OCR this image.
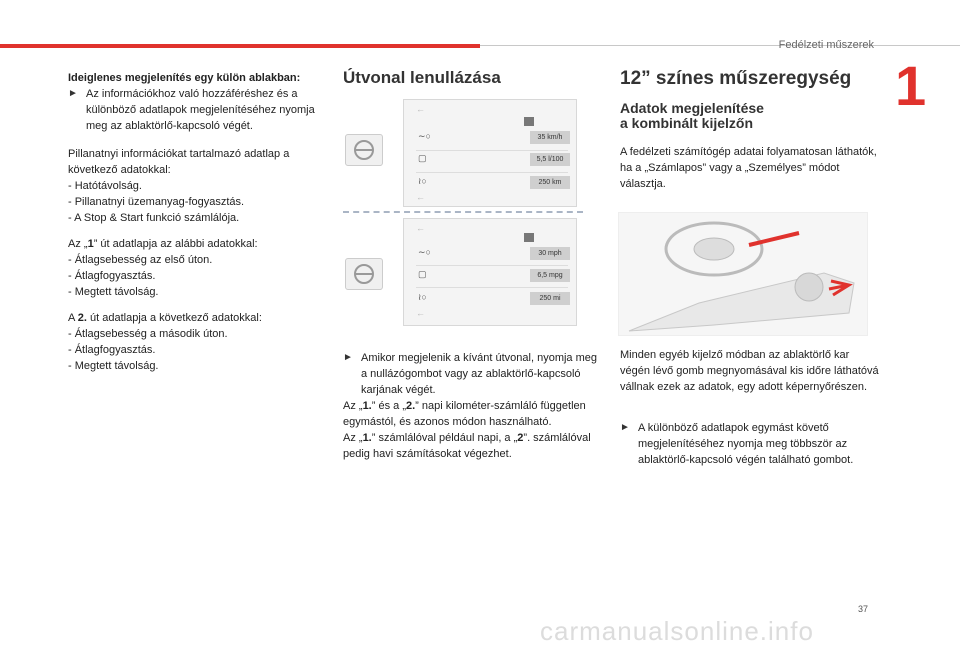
Fedélzeti műszerek
1

Ideiglenes megjelenítés egy külön ablakban:

► Az információkhoz való hozzáféréshez és a különböző adatlapok megjelenítéséhez nyomja meg az ablaktörlő-kapcsoló végét.

Pillanatnyi információkat tartalmazó adatlap a következő adatokkal:

- Hatótávolság.

- Pillanatnyi üzemanyag-fogyasztás.

- A Stop & Start funkció számlálója.

Az „1” út adatlapja az alábbi adatokkal:

- Átlagsebesség az első úton.

- Átlagfogyasztás.

- Megtett távolság.

A 2. út adatlapja a következő adatokkal:

- Átlagsebesség a második úton.

- Átlagfogyasztás.

- Megtett távolság.

Útvonal lenullázása
←
∼○	35 km/h
▢	5,5 l/100
≀○	250 km
←
←
∼○	30 mph
▢	6,5 mpg
≀○	250 mi
←

► Amikor megjelenik a kívánt útvonal, nyomja meg a nullázógombot vagy az ablaktörlő-kapcsoló karjának végét.

Az „1.” és a „2.” napi kilométer-számláló független egymástól, és azonos módon használható.

Az „1.” számlálóval például napi, a „2”. számlálóval pedig havi számításokat végezhet.

12” színes műszeregység
Adatok megjelenítése
a kombinált kijelzőn

A fedélzeti számítógép adatai folyamatosan láthatók, ha a „Számlapos” vagy a „Személyes” módot választja.

Minden egyéb kijelző módban az ablaktörlő kar végén lévő gomb megnyomásával kis időre láthatóvá vállnak ezek az adatok, egy adott képernyőrészen.

► A különböző adatlapok egymást követő megjelenítéséhez nyomja meg többször az ablaktörlő-kapcsoló végén található gombot.

37
carmanualsonline.info
